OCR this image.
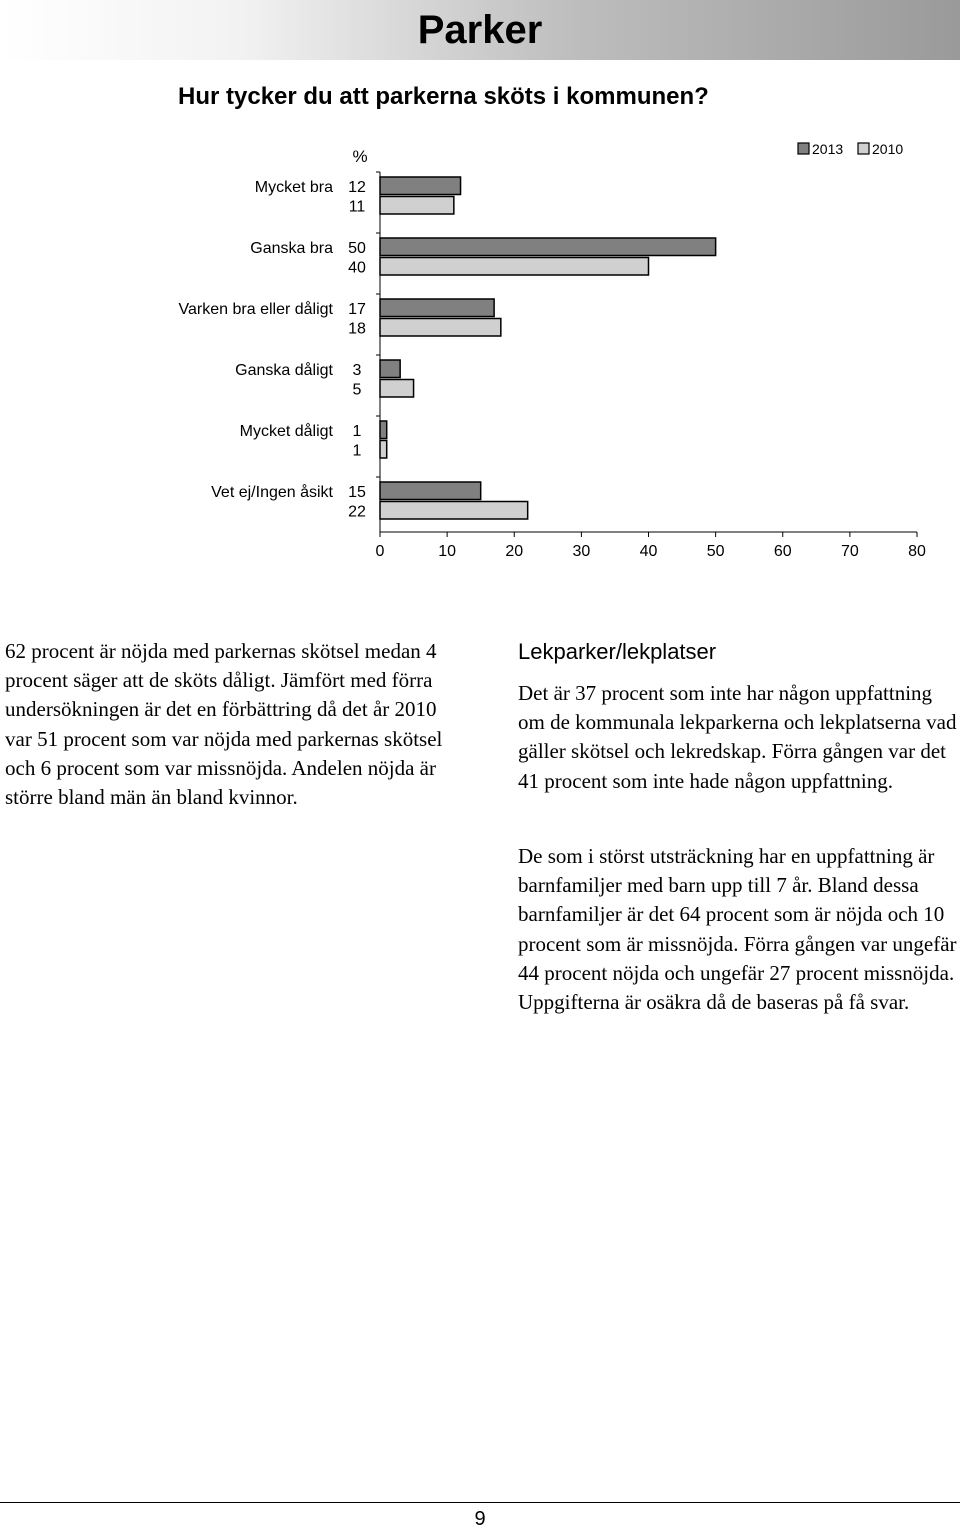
Parker
Hur tycker du att parkerna sköts i kommunen?
%	2013 2010
Mycket bra 12
11
Ganska bra 50
40
Varken bra eller dåligt 17
18
Ganska dåligt 3
5
Mycket dåligt 1
1
Vet ej/Ingen åsikt 15
22
0	10	20	30	40	50	60	70	80

62 procent är nöjda med parkernas skötsel medan 4 procent säger att de sköts dåligt. Jämfört med förra undersökningen är det en förbättring då det år 2010 var 51 procent som var nöjda med parkernas skötsel och 6 procent som var missnöjda. Andelen nöjda är större bland män än bland kvinnor.

Lekparker/lekplatser

Det är 37 procent som inte har någon uppfattning om de kommunala lekparkerna och lekplatserna vad gäller skötsel och lekredskap. Förra gången var det 41 procent som inte hade någon uppfattning.

De som i störst utsträckning har en uppfattning är barnfamiljer med barn upp till 7 år. Bland dessa barnfamiljer är det 64 procent som är nöjda och 10 procent som är missnöjda. Förra gången var ungefär 44 procent nöjda och ungefär 27 procent missnöjda. Uppgifterna är osäkra då de baseras på få svar.

9
